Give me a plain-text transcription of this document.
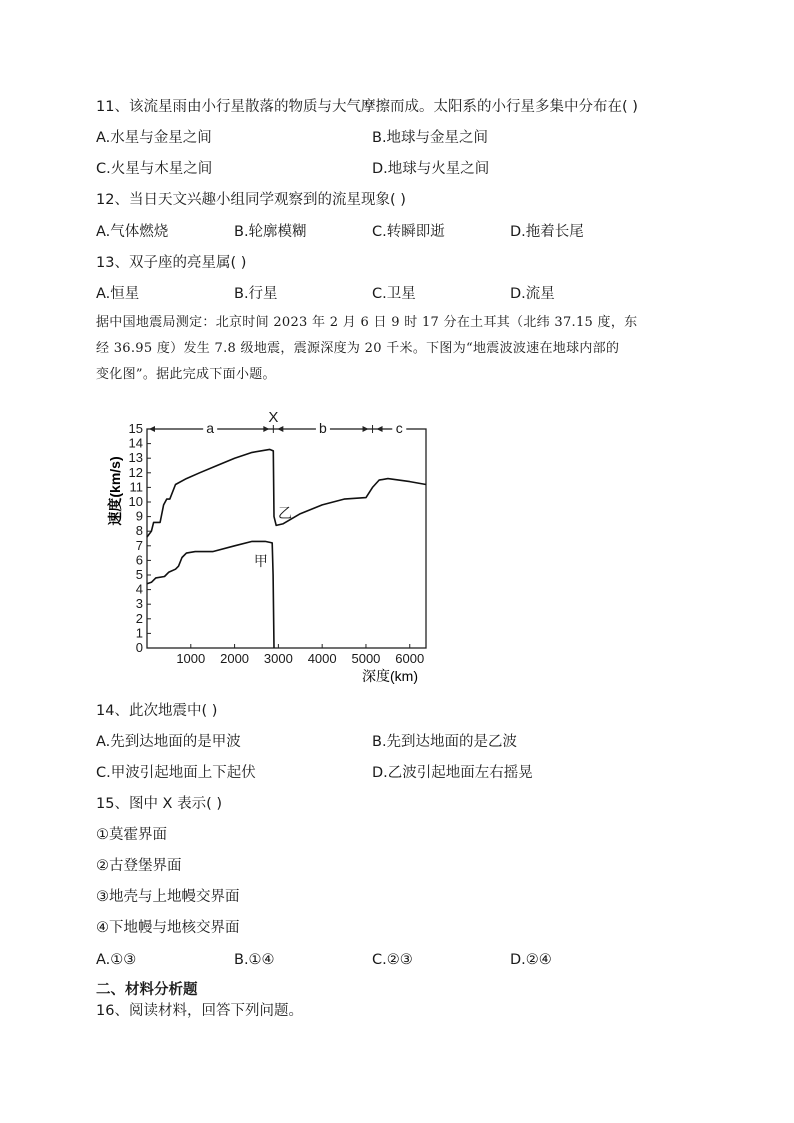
11、该流星雨由小行星散落的物质与大气摩擦而成。太阳系的小行星多集中分布在( )
A.水星与金星之间	B.地球与金星之间
C.火星与木星之间	D.地球与火星之间
12、当日天文兴趣小组同学观察到的流星现象( )
A.气体燃烧	B.轮廓模糊	C.转瞬即逝	D.拖着长尾
13、双子座的亮星属( )
A.恒星	B.行星	C.卫星	D.流星
据中国地震局测定：北京时间 2023 年 2 月 6 日 9 时 17 分在土耳其（北纬 37.15 度，东
经 36.95 度）发生 7.8 级地震，震源深度为 20 千米。下图为“地震波波速在地球内部的
变化图”。据此完成下面小题。
a
X
b	c
0
1
2
3
4
5
6
7
8
9
10
11
12
13
14
15
1000 2000 3000 4000 5000 6000
乙
甲
速度(km/s)
深度(km)
14、此次地震中( )
A.先到达地面的是甲波	B.先到达地面的是乙波
C.甲波引起地面上下起伏	D.乙波引起地面左右摇晃
15、图中 X 表示( )
①莫霍界面
②古登堡界面
③地壳与上地幔交界面
④下地幔与地核交界面
A.①③	B.①④	C.②③	D.②④
二、材料分析题
16、阅读材料，回答下列问题。
